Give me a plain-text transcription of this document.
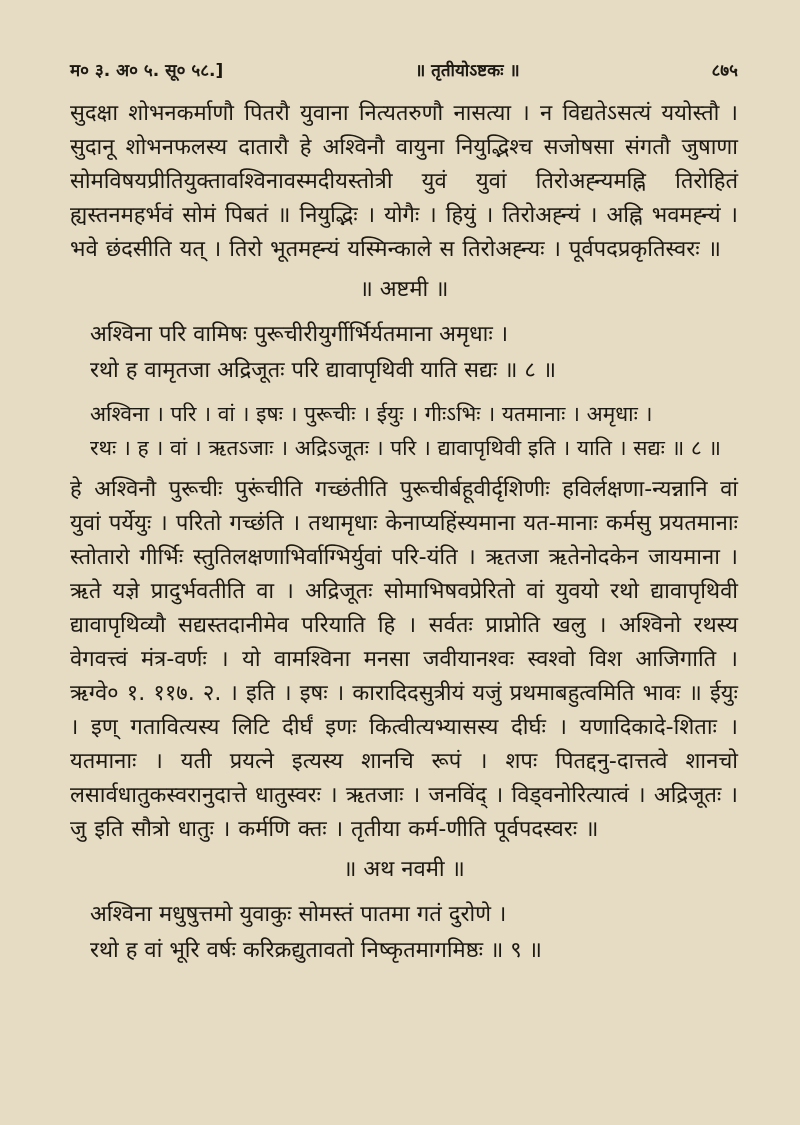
म० ३. अ० ५. सू० ५८.]	॥ तृतीयोऽष्टकः ॥	८७५

सुदक्षा शोभनकर्माणौ पितरौ युवाना नित्यतरुणौ नासत्या । न विद्यतेऽसत्यं ययोस्तौ । सुदानू शोभनफलस्य दातारौ हे अश्विनौ वायुना नियुद्भिश्च सजोषसा संगतौ जुषाणा सोमविषयप्रीतियुक्तावश्विनावस्मदीयस्तोत्री युवं युवां तिरोअह्न्यमह्नि तिरोहितं ह्यस्तनमहर्भवं सोमं पिबतं ॥ नियुद्भिः । योगैः । हियुं । तिरोअह्न्यं । अह्नि भवमह्न्यं । भवे छंदसीति यत् । तिरो भूतमह्न्यं यस्मिन्काले स तिरोअह्न्यः । पूर्वपदप्रकृतिस्वरः ॥

॥ अष्टमी ॥
अश्विना परि वामिषः पुरूचीरीयुर्गीर्भिर्यतमाना अमृधाः ।
रथो ह वामृतजा अद्रिजूतः परि द्यावापृथिवी याति सद्यः ॥ ८ ॥
अश्विना । परि । वां । इषः । पुरूचीः । ईयुः । गीःऽभिः । यतमानाः । अमृधाः ।
रथः । ह । वां । ऋतऽजाः । अद्रिऽजूतः । परि । द्यावापृथिवी इति । याति । सद्यः ॥ ८ ॥

हे अश्विनौ पुरूचीः पुरूंचीति गच्छंतीति पुरूचीर्बहूवीर्दृशिणीः हविर्लक्षणा-न्यन्नानि वां युवां पर्येयुः । परितो गच्छंति । तथामृधाः केनाप्यहिंस्यमाना यत-मानाः कर्मसु प्रयतमानाः स्तोतारो गीर्भिः स्तुतिलक्षणाभिर्वाग्भिर्युवां परि-यंति । ऋतजा ऋतेनोदकेन जायमाना । ऋते यज्ञे प्रादुर्भवतीति वा । अद्रिजूतः सोमाभिषवप्रेरितो वां युवयो रथो द्यावापृथिवी द्यावापृथिव्यौ सद्यस्तदानीमेव परियाति हि । सर्वतः प्राप्नोति खलु । अश्विनो रथस्य वेगवत्त्वं मंत्र-वर्णः । यो वामश्विना मनसा जवीयानश्वः स्वश्वो विश आजिगाति । ऋग्वे० १. ११७. २. । इति । इषः । कारादिदसुत्रीयं यजुं प्रथमाबहुत्वमिति भावः ॥ ईयुः । इण् गतावित्यस्य लिटि दीर्घं इणः कित्वीत्यभ्यासस्य दीर्घः । यणादिकादे-शिताः । यतमानाः । यती प्रयत्ने इत्यस्य शानचि रूपं । शपः पितद्दनु-दात्तत्वे शानचो लसार्वधातुकस्वरानुदात्ते धातुस्वरः । ऋतजाः । जनविंद् । विड्वनोरित्यात्वं । अद्रिजूतः । जु इति सौत्रो धातुः । कर्मणि क्तः । तृतीया कर्म-णीति पूर्वपदस्वरः ॥

॥ अथ नवमी ॥
अश्विना मधुषुत्तमो युवाकुः सोमस्तं पातमा गतं दुरोणे ।
रथो ह वां भूरि वर्षः करिक्रद्युतावतो निष्कृतमागमिष्ठः ॥ ९ ॥
